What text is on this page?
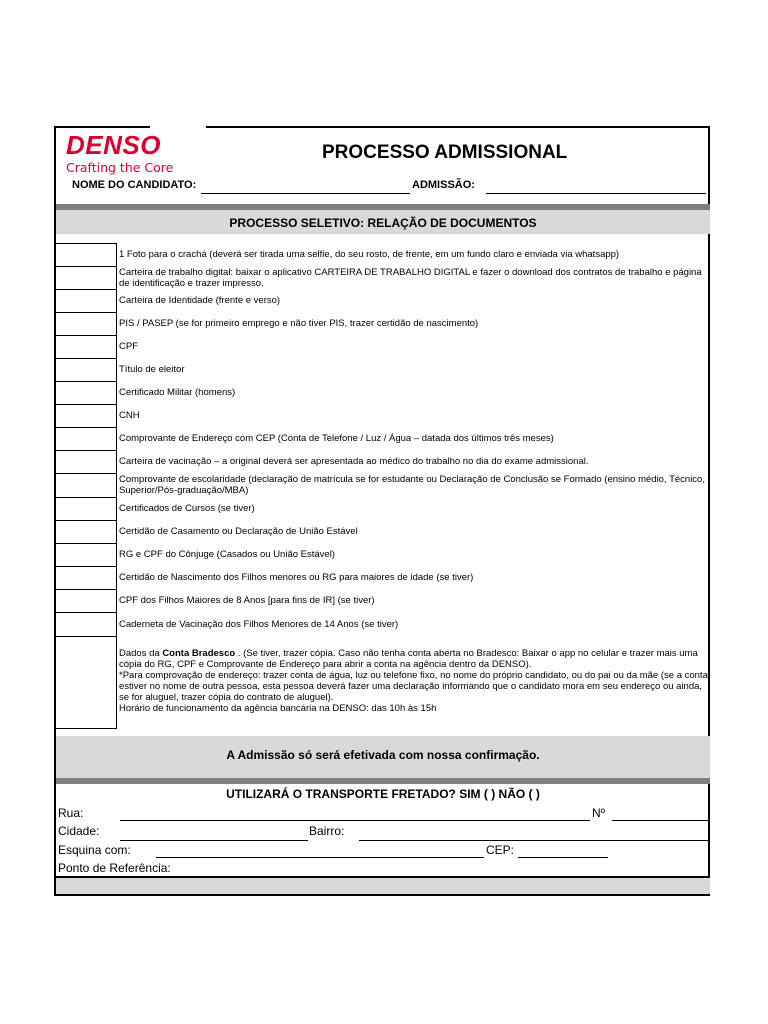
DENSO
Crafting the Core
PROCESSO ADMISSIONAL
NOME DO CANDIDATO:	ADMISSÃO:
PROCESSO SELETIVO: RELAÇÃO DE DOCUMENTOS
1 Foto para o crachá (deverá ser tirada uma selfie, do seu rosto, de frente, em um fundo claro e enviada via whatsapp)
Carteira de trabalho digital: baixar o aplicativo CARTEIRA DE TRABALHO DIGITAL e fazer o download dos contratos de trabalho e página de identificação e trazer impresso.
Carteira de Identidade (frente e verso)
PIS / PASEP (se for primeiro emprego e não tiver PIS, trazer certidão de nascimento)
CPF
Título de eleitor
Certificado Militar (homens)
CNH
Comprovante de Endereço com CEP (Conta de Telefone / Luz / Água – datada dos últimos três meses)
Carteira de vacinação – a original deverá ser apresentada ao médico do trabalho no dia do exame admissional.
Comprovante de escolaridade (declaração de matrícula se for estudante ou Declaração de Conclusão se Formado (ensino médio, Técnico, Superior/Pós-graduação/MBA)
Certificados de Cursos (se tiver)
Certidão de Casamento ou Declaração de União Estável
RG e CPF do Cônjuge (Casados ou União Estável)
Certidão de Nascimento dos Filhos menores ou RG para maiores de idade (se tiver)
CPF dos Filhos Maiores de 8 Anos [para fins de IR] (se tiver)
Caderneta de Vacinação dos Filhos Menores de 14 Anos (se tiver)
Dados da Conta Bradesco . (Se tiver, trazer cópia. Caso não tenha conta aberta no Bradesco: Baixar o app no celular e trazer mais uma cópia do RG, CPF e Comprovante de Endereço para abrir a conta na agência dentro da DENSO).
*Para comprovação de endereço: trazer conta de água, luz ou telefone fixo, no nome do próprio candidato, ou do pai ou da mãe (se a conta estiver no nome de outra pessoa, esta pessoa deverá fazer uma declaração informando que o candidato mora em seu endereço ou ainda, se for aluguel, trazer cópia do contrato de aluguel).
Horário de funcionamento da agência bancária na DENSO: das 10h às 15h
A Admissão só será efetivada com nossa confirmação.
UTILIZARÁ O TRANSPORTE FRETADO? SIM ( ) NÃO ( )
Rua:	Nº
Cidade:	Bairro:
Esquina com:	CEP:
Ponto de Referência:
